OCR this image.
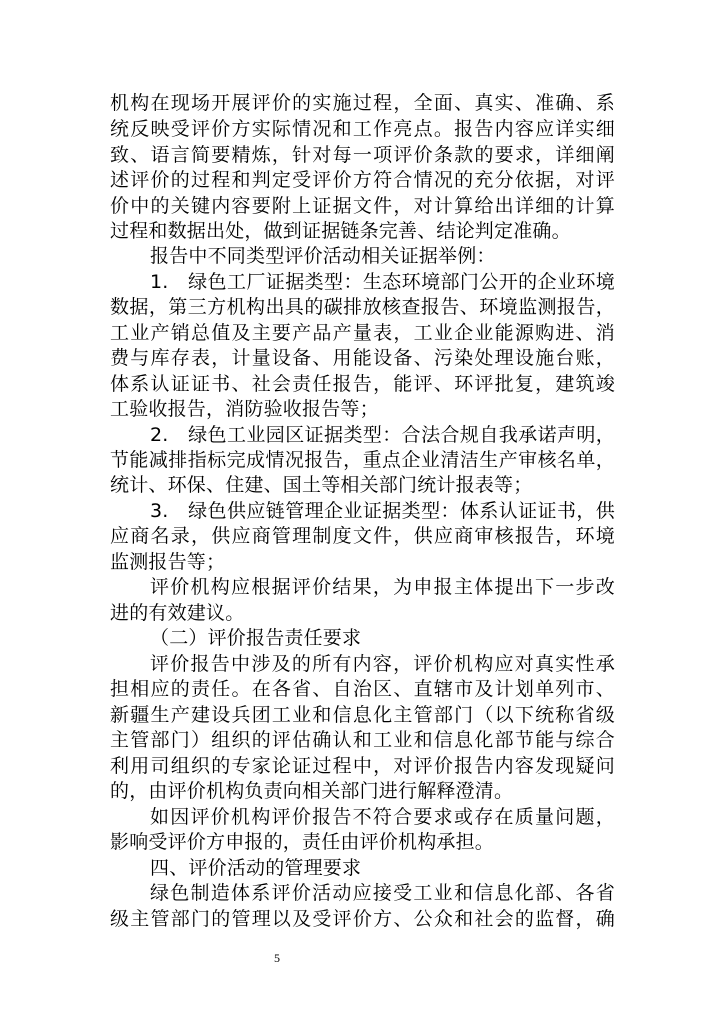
机构在现场开展评价的实施过程，全面、真实、准确、系
统反映受评价方实际情况和工作亮点。报告内容应详实细
致、语言简要精炼，针对每一项评价条款的要求，详细阐
述评价的过程和判定受评价方符合情况的充分依据，对评
价中的关键内容要附上证据文件，对计算给出详细的计算
过程和数据出处，做到证据链条完善、结论判定准确。
报告中不同类型评价活动相关证据举例：
1.　绿色工厂证据类型：生态环境部门公开的企业环境
数据，第三方机构出具的碳排放核查报告、环境监测报告，
工业产销总值及主要产品产量表，工业企业能源购进、消
费与库存表，计量设备、用能设备、污染处理设施台账，
体系认证证书、社会责任报告，能评、环评批复，建筑竣
工验收报告，消防验收报告等；
2.　绿色工业园区证据类型：合法合规自我承诺声明，
节能减排指标完成情况报告，重点企业清洁生产审核名单，
统计、环保、住建、国土等相关部门统计报表等；
3.　绿色供应链管理企业证据类型：体系认证证书，供
应商名录，供应商管理制度文件，供应商审核报告，环境
监测报告等；
评价机构应根据评价结果，为申报主体提出下一步改
进的有效建议。
（二）评价报告责任要求
评价报告中涉及的所有内容，评价机构应对真实性承
担相应的责任。在各省、自治区、直辖市及计划单列市、
新疆生产建设兵团工业和信息化主管部门（以下统称省级
主管部门）组织的评估确认和工业和信息化部节能与综合
利用司组织的专家论证过程中，对评价报告内容发现疑问
的，由评价机构负责向相关部门进行解释澄清。
如因评价机构评价报告不符合要求或存在质量问题，
影响受评价方申报的，责任由评价机构承担。
四、评价活动的管理要求
绿色制造体系评价活动应接受工业和信息化部、各省
级主管部门的管理以及受评价方、公众和社会的监督，确
5
